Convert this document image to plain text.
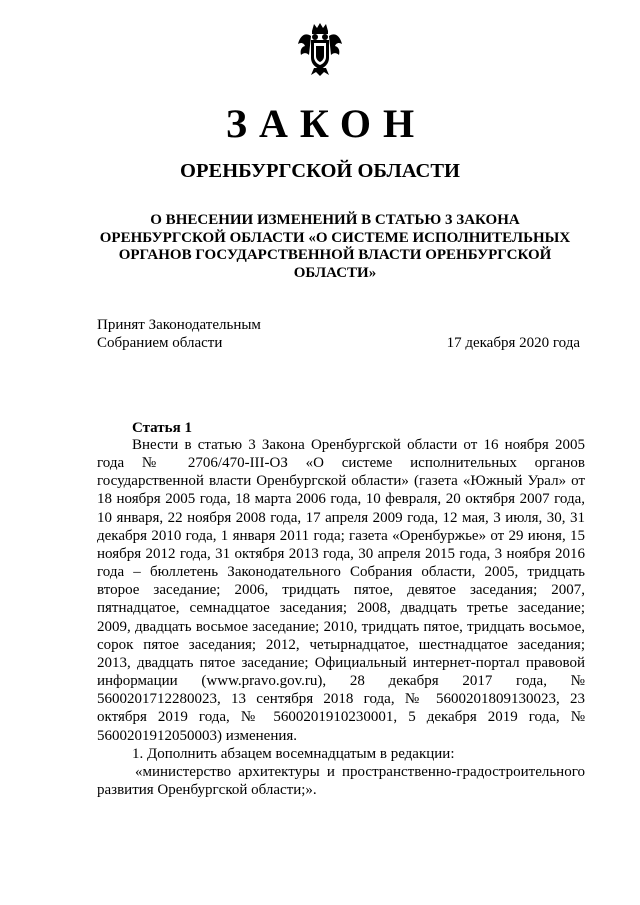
ЗАКОН
ОРЕНБУРГСКОЙ ОБЛАСТИ
О ВНЕСЕНИИ ИЗМЕНЕНИЙ В СТАТЬЮ 3 ЗАКОНА
ОРЕНБУРГСКОЙ ОБЛАСТИ «О СИСТЕМЕ ИСПОЛНИТЕЛЬНЫХ
ОРГАНОВ ГОСУДАРСТВЕННОЙ ВЛАСТИ ОРЕНБУРГСКОЙ
ОБЛАСТИ»
Принят Законодательным
Собранием области	17 декабря 2020 года
Статья 1

Внести в статью 3 Закона Оренбургской области от 16 ноября 2005 года № 2706/470-III-ОЗ «О системе исполнительных органов государственной власти Оренбургской области» (газета «Южный Урал» от 18 ноября 2005 года, 18 марта 2006 года, 10 февраля, 20 октября 2007 года, 10 января, 22 ноября 2008 года, 17 апреля 2009 года, 12 мая, 3 июля, 30, 31 декабря 2010 года, 1 января 2011 года; газета «Оренбуржье» от 29 июня, 15 ноября 2012 года, 31 октября 2013 года, 30 апреля 2015 года, 3 ноября 2016 года – бюллетень Законодательного Собрания области, 2005, тридцать второе заседание; 2006, тридцать пятое, девятое заседания; 2007, пятнадцатое, семнадцатое заседания; 2008, двадцать третье заседание; 2009, двадцать восьмое заседание; 2010, тридцать пятое, тридцать восьмое, сорок пятое заседания; 2012, четырнадцатое, шестнадцатое заседания; 2013, двадцать пятое заседание; Официальный интернет-портал правовой информации (www.pravo.gov.ru), 28 декабря 2017 года, № 5600201712280023, 13 сентября 2018 года, № 5600201809130023, 23 октября 2019 года, № 5600201910230001, 5 декабря 2019 года, № 5600201912050003) изменения.

1. Дополнить абзацем восемнадцатым в редакции:

«министерство архитектуры и пространственно-градостроительного развития Оренбургской области;».
